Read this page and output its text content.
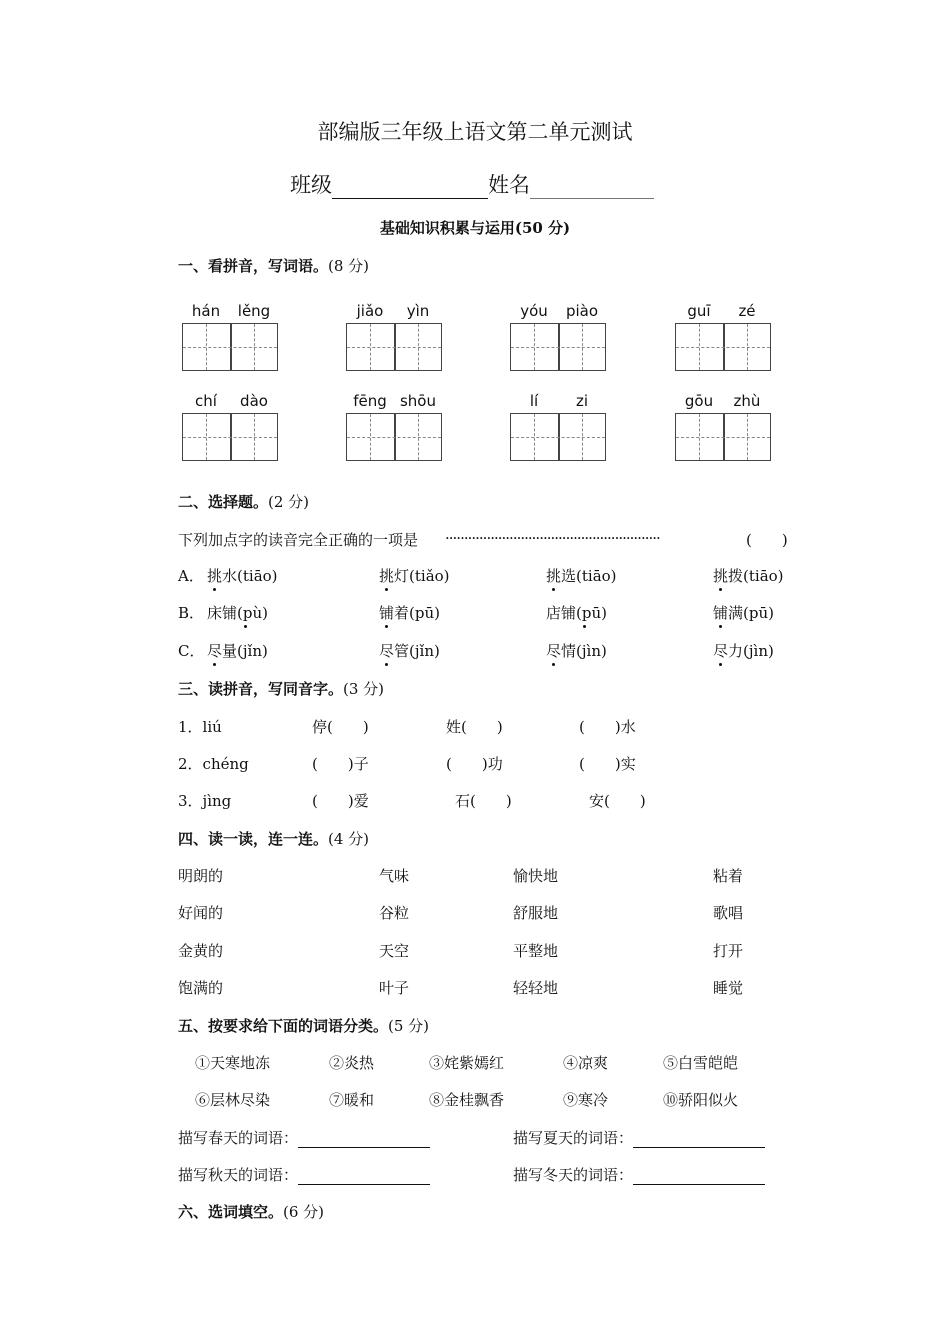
部编版三年级上语文第二单元测试
班级	姓名
基础知识积累与运用(50 分)
一、看拼音，写词语。(8 分)
hán	lěng	jiǎo	yìn	yóu	piào	guī	zé
chí	dào	fēng shōu	lí	zi	gōu	zhù
二、选择题。(2 分)
下列加点字的读音完全正确的一项是 ·························································	(　　)
A． 挑水(tiāo)	挑灯(tiǎo)	挑选(tiāo)	挑拨(tiāo)
B． 床铺(pù)	铺着(pū)	店铺(pū)	铺满(pū)
C． 尽量(jǐn)	尽管(jǐn)	尽情(jìn)	尽力(jìn)
三、读拼音，写同音字。(3 分)
1．liú	停(　　)	姓(　　)	(　　)水
2．chéng	(　　)子	(　　)功	(　　)实
3．jìng	(　　)爱	石(　　)	安(　　)
四、读一读，连一连。(4 分)
明朗的	气味	愉快地	粘着
好闻的	谷粒	舒服地	歌唱
金黄的	天空	平整地	打开
饱满的	叶子	轻轻地	睡觉
五、按要求给下面的词语分类。(5 分)
①天寒地冻	②炎热	③姹紫嫣红	④凉爽	⑤白雪皑皑
⑥层林尽染	⑦暖和	⑧金桂飘香	⑨寒冷	⑩骄阳似火
描写春天的词语：	描写夏天的词语：
描写秋天的词语：	描写冬天的词语：
六、选词填空。(6 分)
